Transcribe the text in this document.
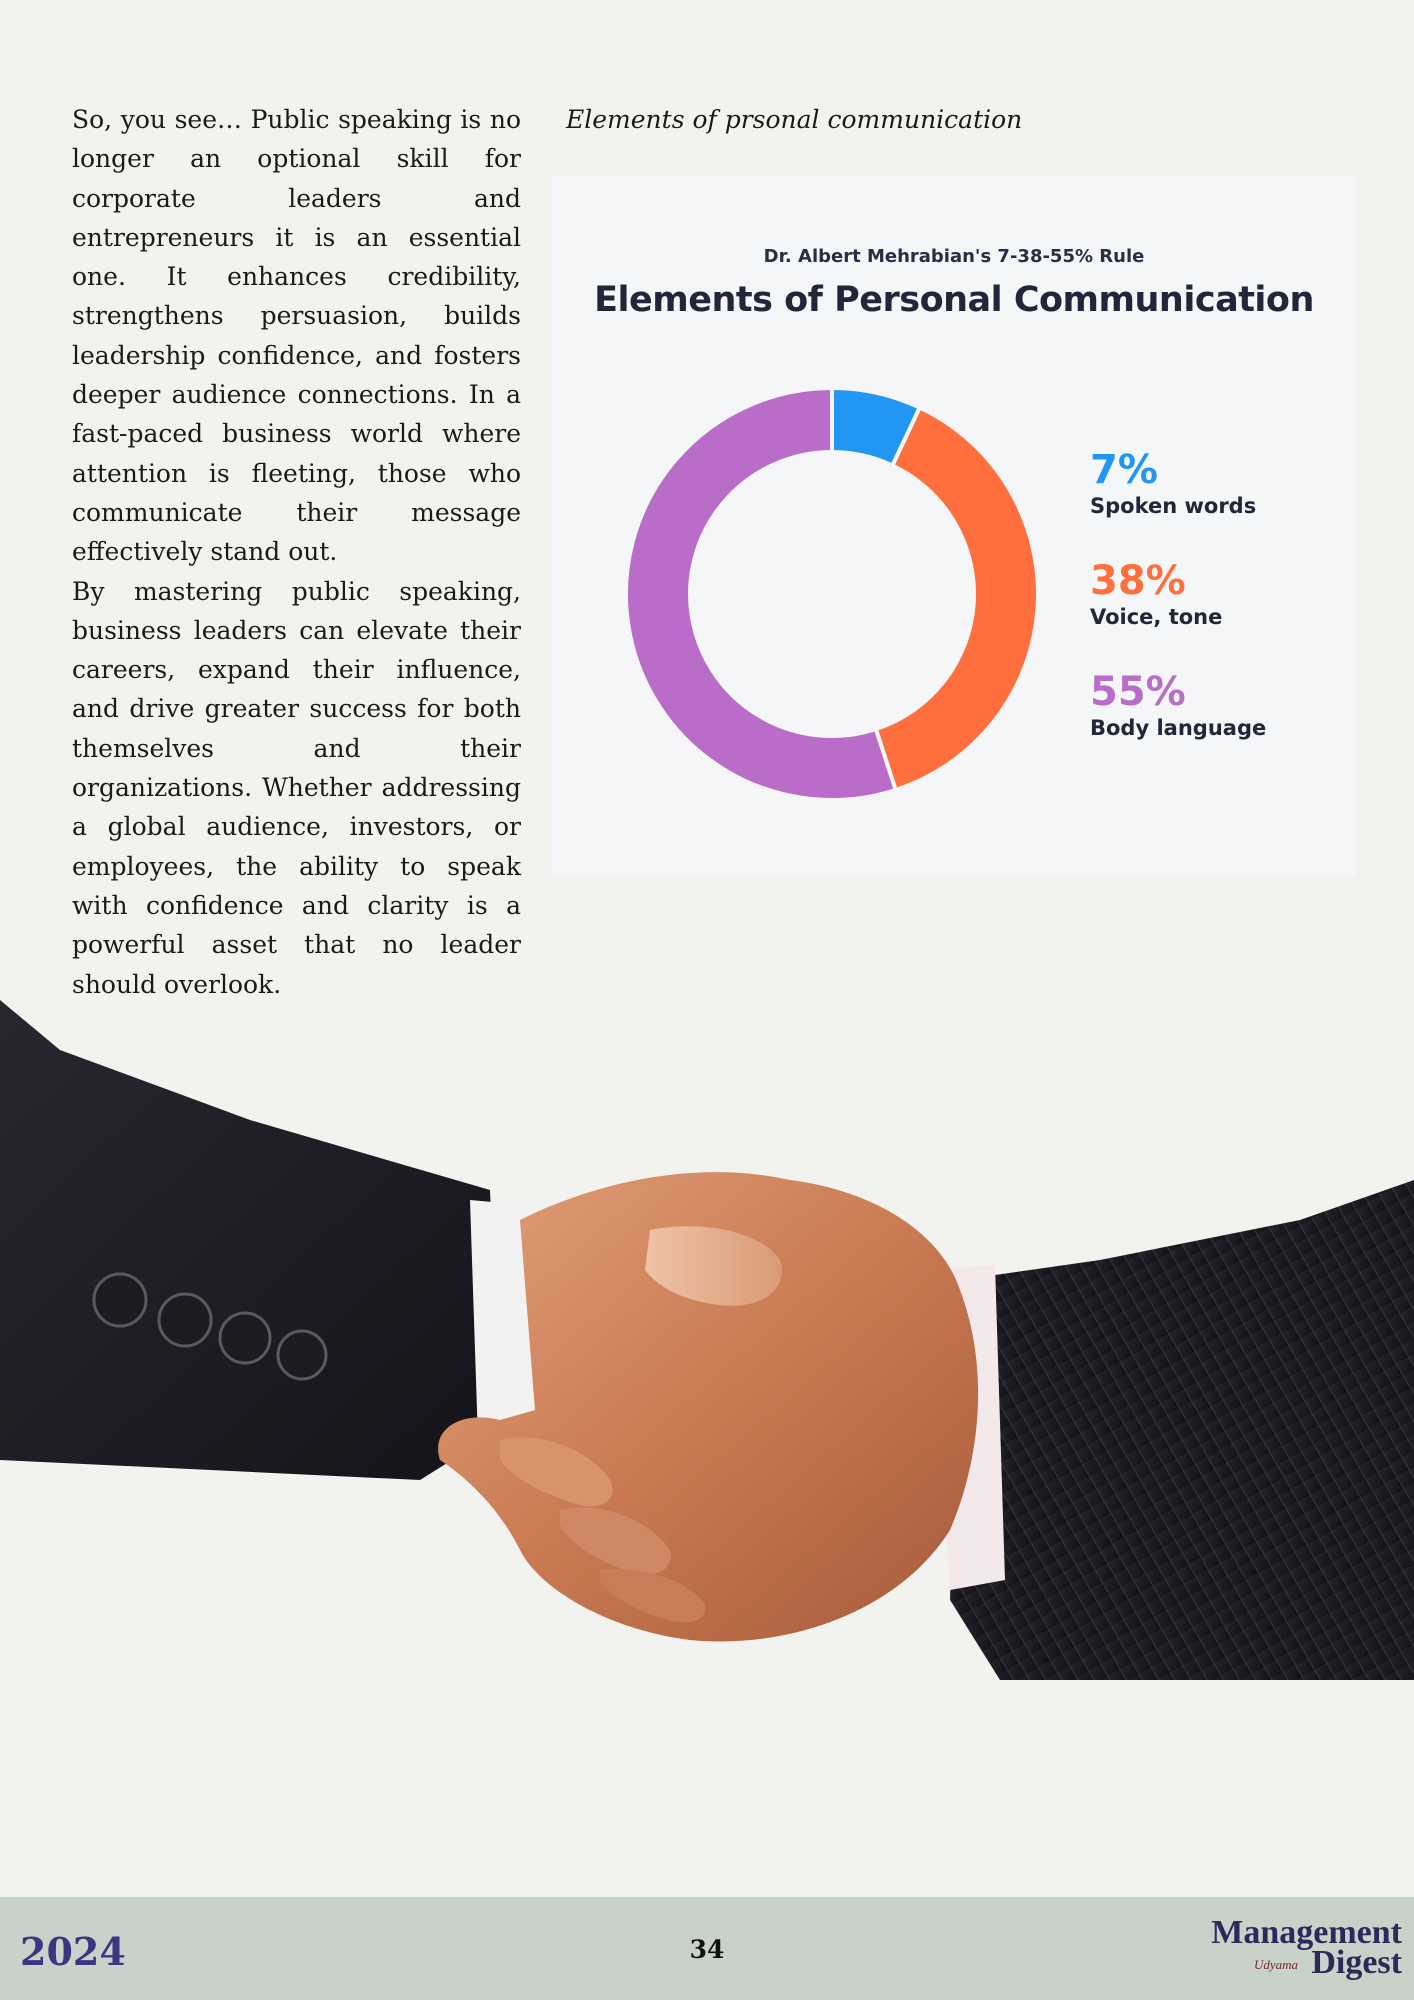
So, you see… Public speaking is no longer an optional skill for corporate leaders and entrepreneurs it is an essential one. It enhances credibility, strengthens persuasion, builds leadership confidence, and fosters deeper audience connections. In a fast-paced business world where attention is fleeting, those who communicate their message effectively stand out.

By mastering public speaking, business leaders can elevate their careers, expand their influence, and drive greater success for both themselves and their organizations. Whether addressing a global audience, investors, or employees, the ability to speak with confidence and clarity is a powerful asset that no leader should overlook.

Elements of prsonal communication
Dr. Albert Mehrabian's 7-38-55% Rule
Elements of Personal Communication
7%
Spoken words
38%
Voice, tone
55%
Body language
2024	34	Management
Udyama Digest
